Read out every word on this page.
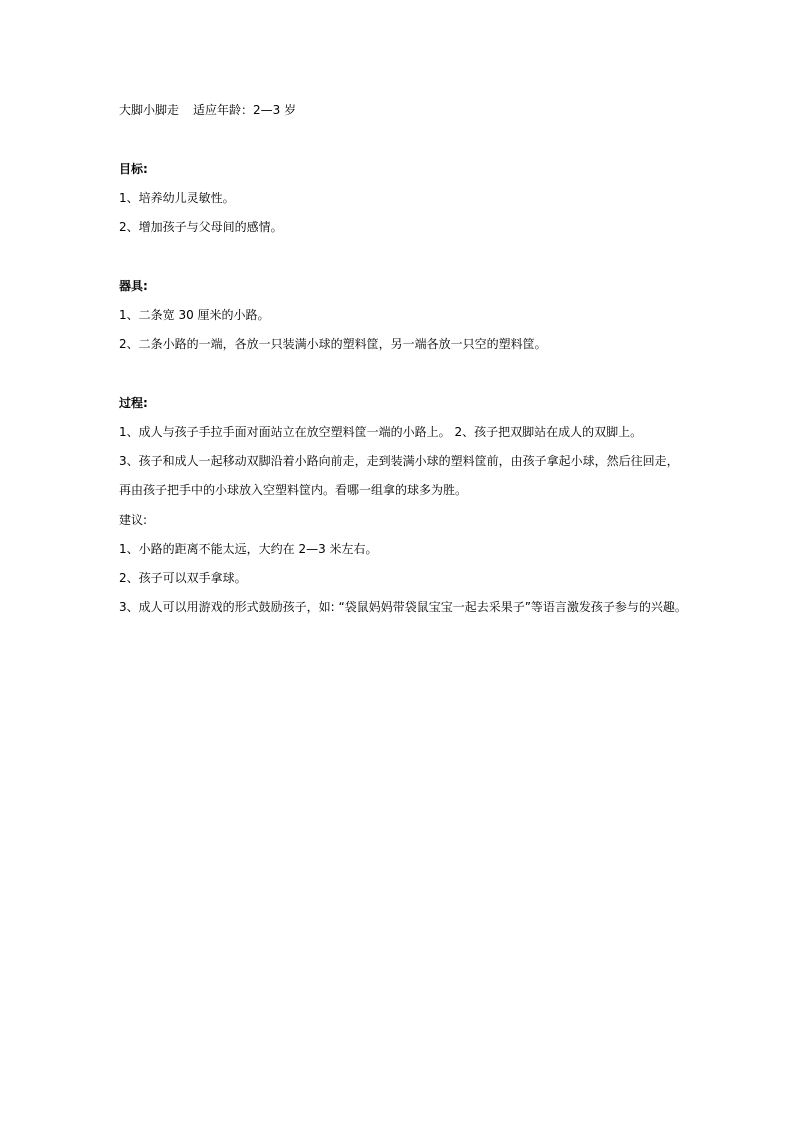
大脚小脚走 适应年龄：2—3 岁
目标:
1、培养幼儿灵敏性。
2、增加孩子与父母间的感情。
器具:
1、二条宽 30 厘米的小路。
2、二条小路的一端，各放一只装满小球的塑料筐，另一端各放一只空的塑料筐。
过程:
1、成人与孩子手拉手面对面站立在放空塑料筐一端的小路上。 2、孩子把双脚站在成人的双脚上。
3、孩子和成人一起移动双脚沿着小路向前走，走到装满小球的塑料筐前，由孩子拿起小球，然后往回走，
再由孩子把手中的小球放入空塑料筐内。看哪一组拿的球多为胜。
建议:
1、小路的距离不能太远，大约在 2—3 米左右。
2、孩子可以双手拿球。
3、成人可以用游戏的形式鼓励孩子，如: “袋鼠妈妈带袋鼠宝宝一起去采果子”等语言激发孩子参与的兴趣。
